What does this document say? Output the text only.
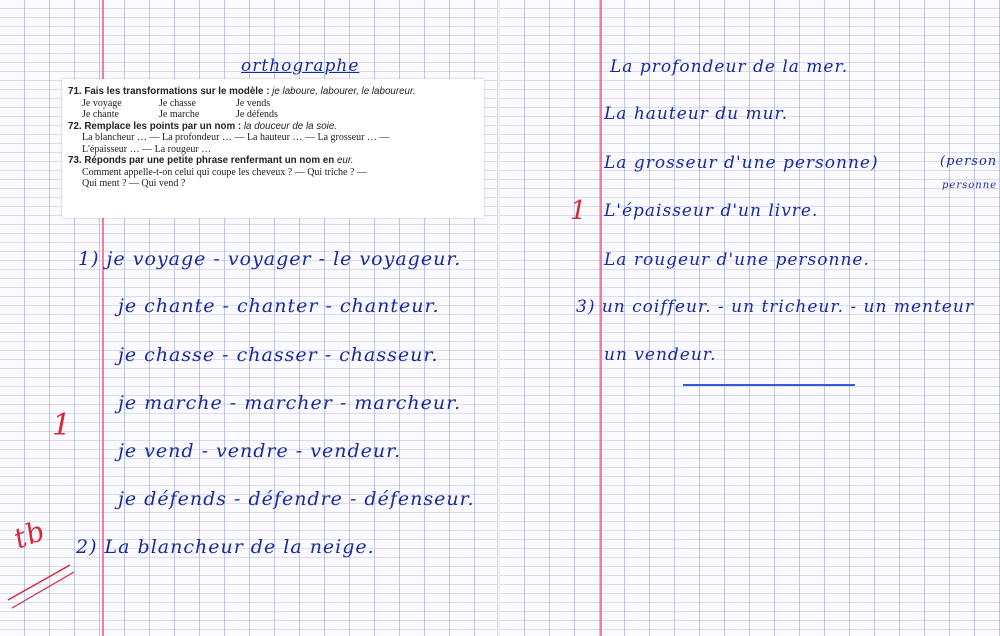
orthographe
71. Fais les transformations sur le modèle : je laboure, labourer, le laboureur.
Je voyage	Je chasse	Je vends
Je chante	Je marche	Je défends
72. Remplace les points par un nom : la douceur de la soie.
La blancheur … — La profondeur … — La hauteur … — La grosseur … —
L'épaisseur … — La rougeur …
73. Réponds par une petite phrase renfermant un nom en eur.
Comment appelle-t-on celui qui coupe les cheveux ? — Qui triche ? —
Qui ment ? — Qui vend ?
1) je voyage - voyager - le voyageur.
je chante - chanter - chanteur.
je chasse - chasser - chasseur.
je marche - marcher - marcheur.
je vend - vendre - vendeur.
je défends - défendre - défenseur.
2) La blancheur de la neige.
1
tb
La profondeur de la mer.
La hauteur du mur.
La grosseur d'une personne)
L'épaisseur d'un livre.
La rougeur d'une personne.
3) un coiffeur. - un tricheur. - un menteur
un vendeur.
(person
personne
1
